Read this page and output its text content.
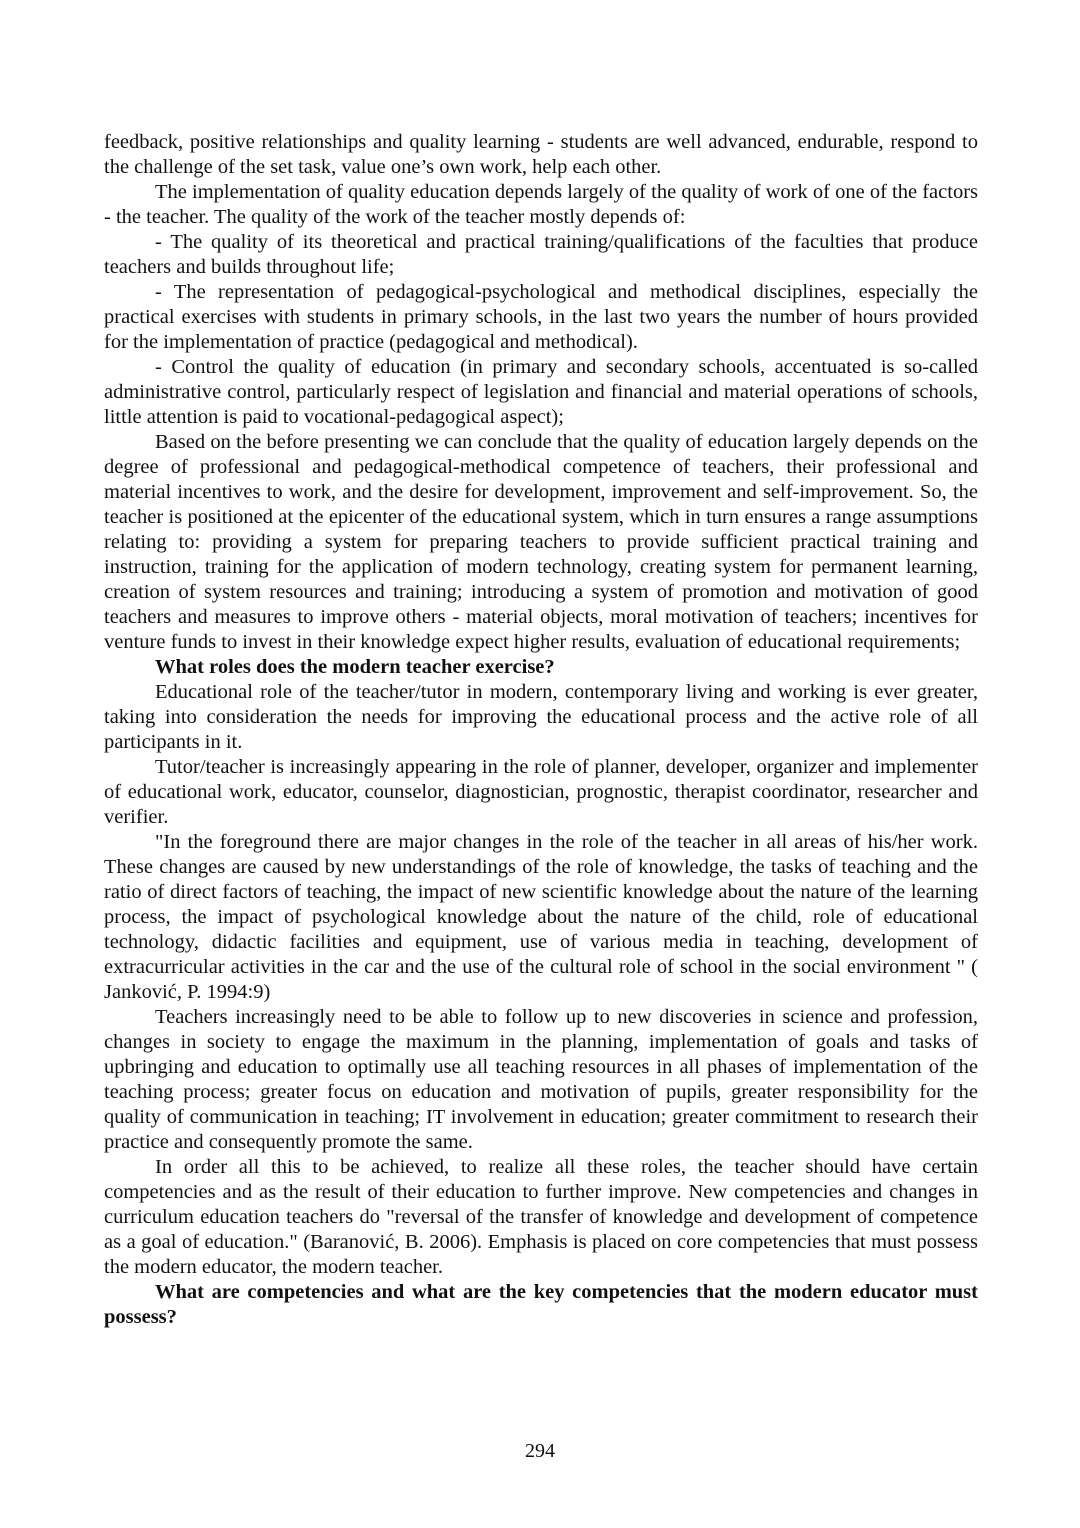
feedback, positive relationships and quality learning - students are well advanced, endurable, respond to the challenge of the set task, value one’s own work, help each other.

The implementation of quality education depends largely of the quality of work of one of the factors - the teacher. The quality of the work of the teacher mostly depends of:

- The quality of its theoretical and practical training/qualifications of the faculties that produce teachers and builds throughout life;

- The representation of pedagogical-psychological and methodical disciplines, especially the practical exercises with students in primary schools, in the last two years the number of hours provided for the implementation of practice (pedagogical and methodical).

- Control the quality of education (in primary and secondary schools, accentuated is so-called administrative control, particularly respect of legislation and financial and material operations of schools, little attention is paid to vocational-pedagogical aspect);

Based on the before presenting we can conclude that the quality of education largely depends on the degree of professional and pedagogical-methodical competence of teachers, their professional and material incentives to work, and the desire for development, improvement and self-improvement. So, the teacher is positioned at the epicenter of the educational system, which in turn ensures a range assumptions relating to: providing a system for preparing teachers to provide sufficient practical training and instruction, training for the application of modern technology, creating system for permanent learning, creation of system resources and training; introducing a system of promotion and motivation of good teachers and measures to improve others - material objects, moral motivation of teachers; incentives for venture funds to invest in their knowledge expect higher results, evaluation of educational requirements;

What roles does the modern teacher exercise?

Educational role of the teacher/tutor in modern, contemporary living and working is ever greater, taking into consideration the needs for improving the educational process and the active role of all participants in it.

Tutor/teacher is increasingly appearing in the role of planner, developer, organizer and implementer of educational work, educator, counselor, diagnostician, prognostic, therapist coordinator, researcher and verifier.

"In the foreground there are major changes in the role of the teacher in all areas of his/her work. These changes are caused by new understandings of the role of knowledge, the tasks of teaching and the ratio of direct factors of teaching, the impact of new scientific knowledge about the nature of the learning process, the impact of psychological knowledge about the nature of the child, role of educational technology, didactic facilities and equipment, use of various media in teaching, development of extracurricular activities in the car and the use of the cultural role of school in the social environment " ( Janković, P. 1994:9)

Teachers increasingly need to be able to follow up to new discoveries in science and profession, changes in society to engage the maximum in the planning, implementation of goals and tasks of upbringing and education to optimally use all teaching resources in all phases of implementation of the teaching process; greater focus on education and motivation of pupils, greater responsibility for the quality of communication in teaching; IT involvement in education; greater commitment to research their practice and consequently promote the same.

In order all this to be achieved, to realize all these roles, the teacher should have certain competencies and as the result of their education to further improve. New competencies and changes in curriculum education teachers do "reversal of the transfer of knowledge and development of competence as a goal of education." (Baranović, B. 2006). Emphasis is placed on core competencies that must possess the modern educator, the modern teacher.

What are competencies and what are the key competencies that the modern educator must possess?

294
